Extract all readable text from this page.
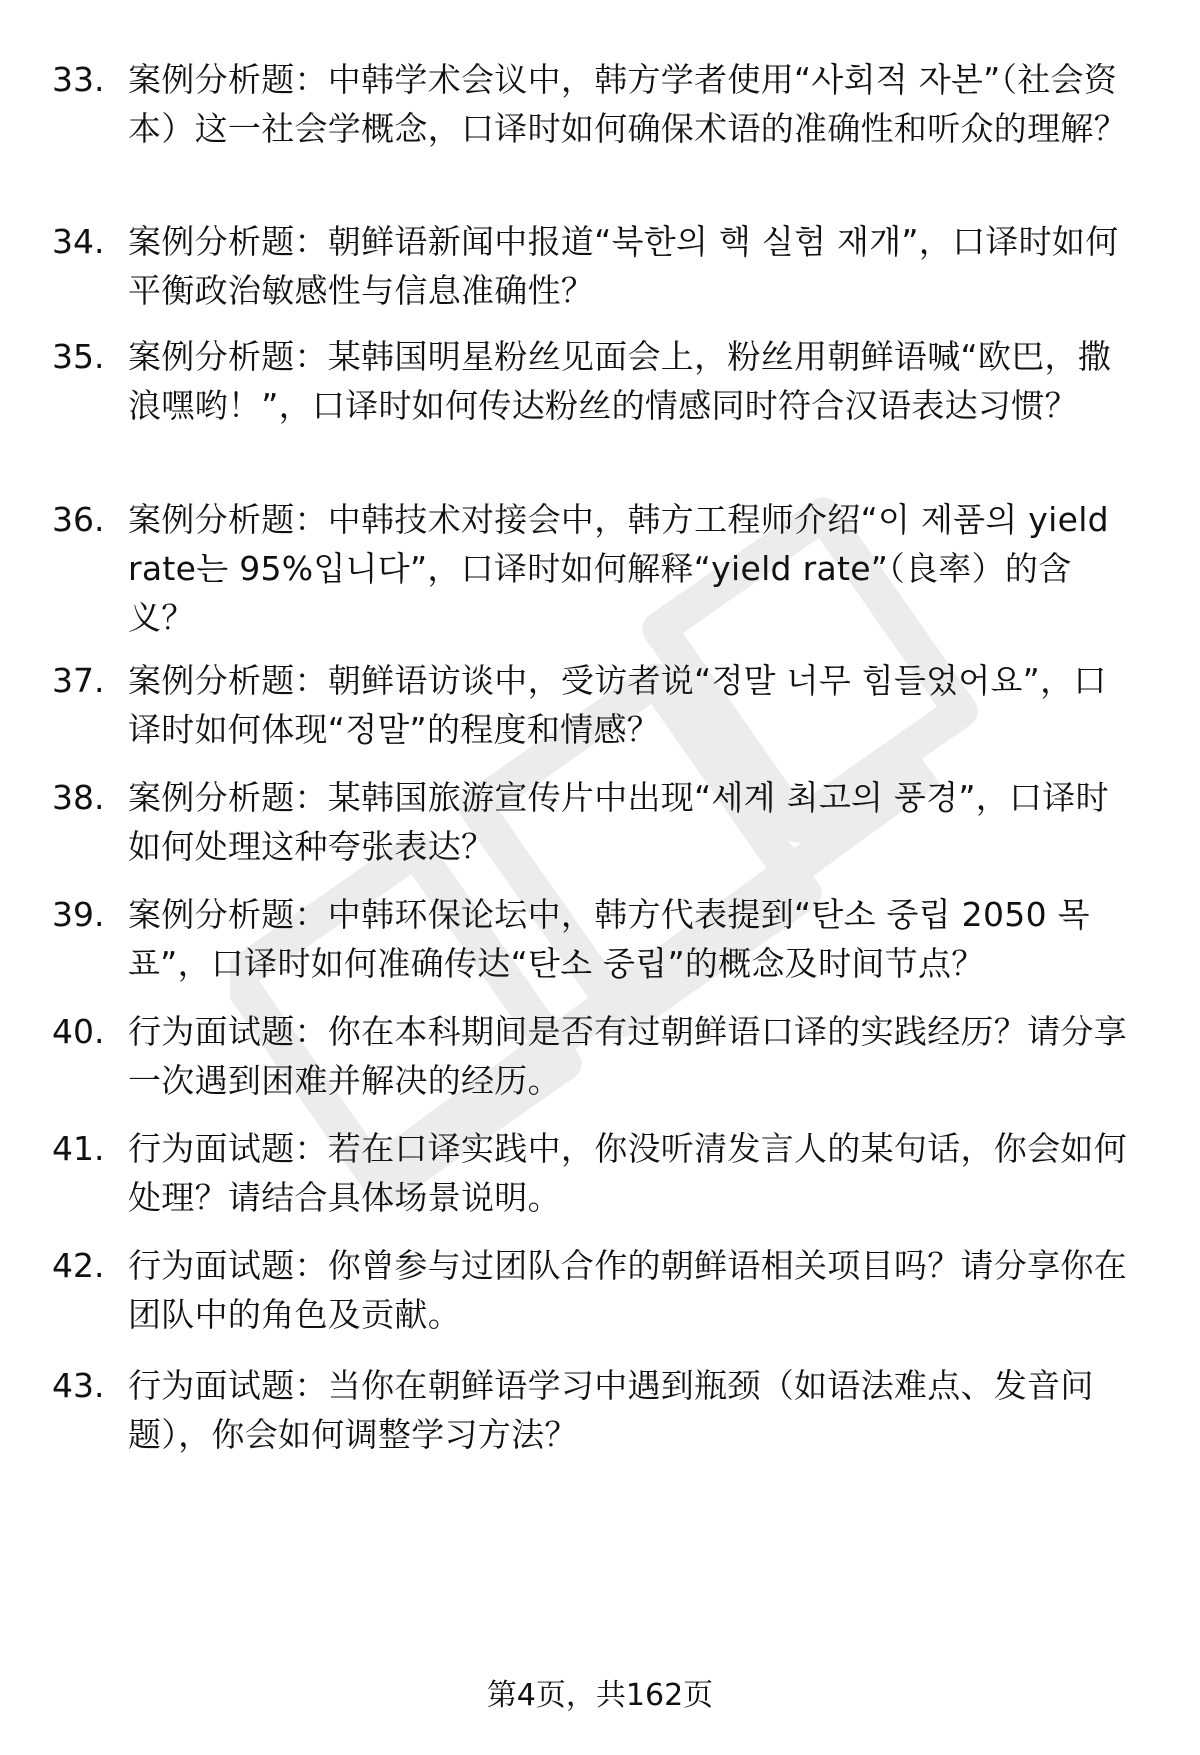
33. 案例分析题：中韩学术会议中，韩方学者使用“사회적 자본”（社会资本）这一社会学概念，口译时如何确保术语的准确性和听众的理解？
34. 案例分析题：朝鲜语新闻中报道“북한의 핵 실험 재개”，口译时如何平衡政治敏感性与信息准确性？
35. 案例分析题：某韩国明星粉丝见面会上，粉丝用朝鲜语喊“欧巴，撒浪嘿哟！”，口译时如何传达粉丝的情感同时符合汉语表达习惯？
36. 案例分析题：中韩技术对接会中，韩方工程师介绍“이 제품의 yield rate는 95%입니다”，口译时如何解释“yield rate”（良率）的含义？
37. 案例分析题：朝鲜语访谈中，受访者说“정말 너무 힘들었어요”，口译时如何体现“정말”的程度和情感？
38. 案例分析题：某韩国旅游宣传片中出现“세계 최고의 풍경”，口译时如何处理这种夸张表达？
39. 案例分析题：中韩环保论坛中，韩方代表提到“탄소 중립 2050 목표”，口译时如何准确传达“탄소 중립”的概念及时间节点？
40. 行为面试题：你在本科期间是否有过朝鲜语口译的实践经历？请分享一次遇到困难并解决的经历。
41. 行为面试题：若在口译实践中，你没听清发言人的某句话，你会如何处理？请结合具体场景说明。
42. 行为面试题：你曾参与过团队合作的朝鲜语相关项目吗？请分享你在团队中的角色及贡献。
43. 行为面试题：当你在朝鲜语学习中遇到瓶颈（如语法难点、发音问题），你会如何调整学习方法？
第4页，共162页
